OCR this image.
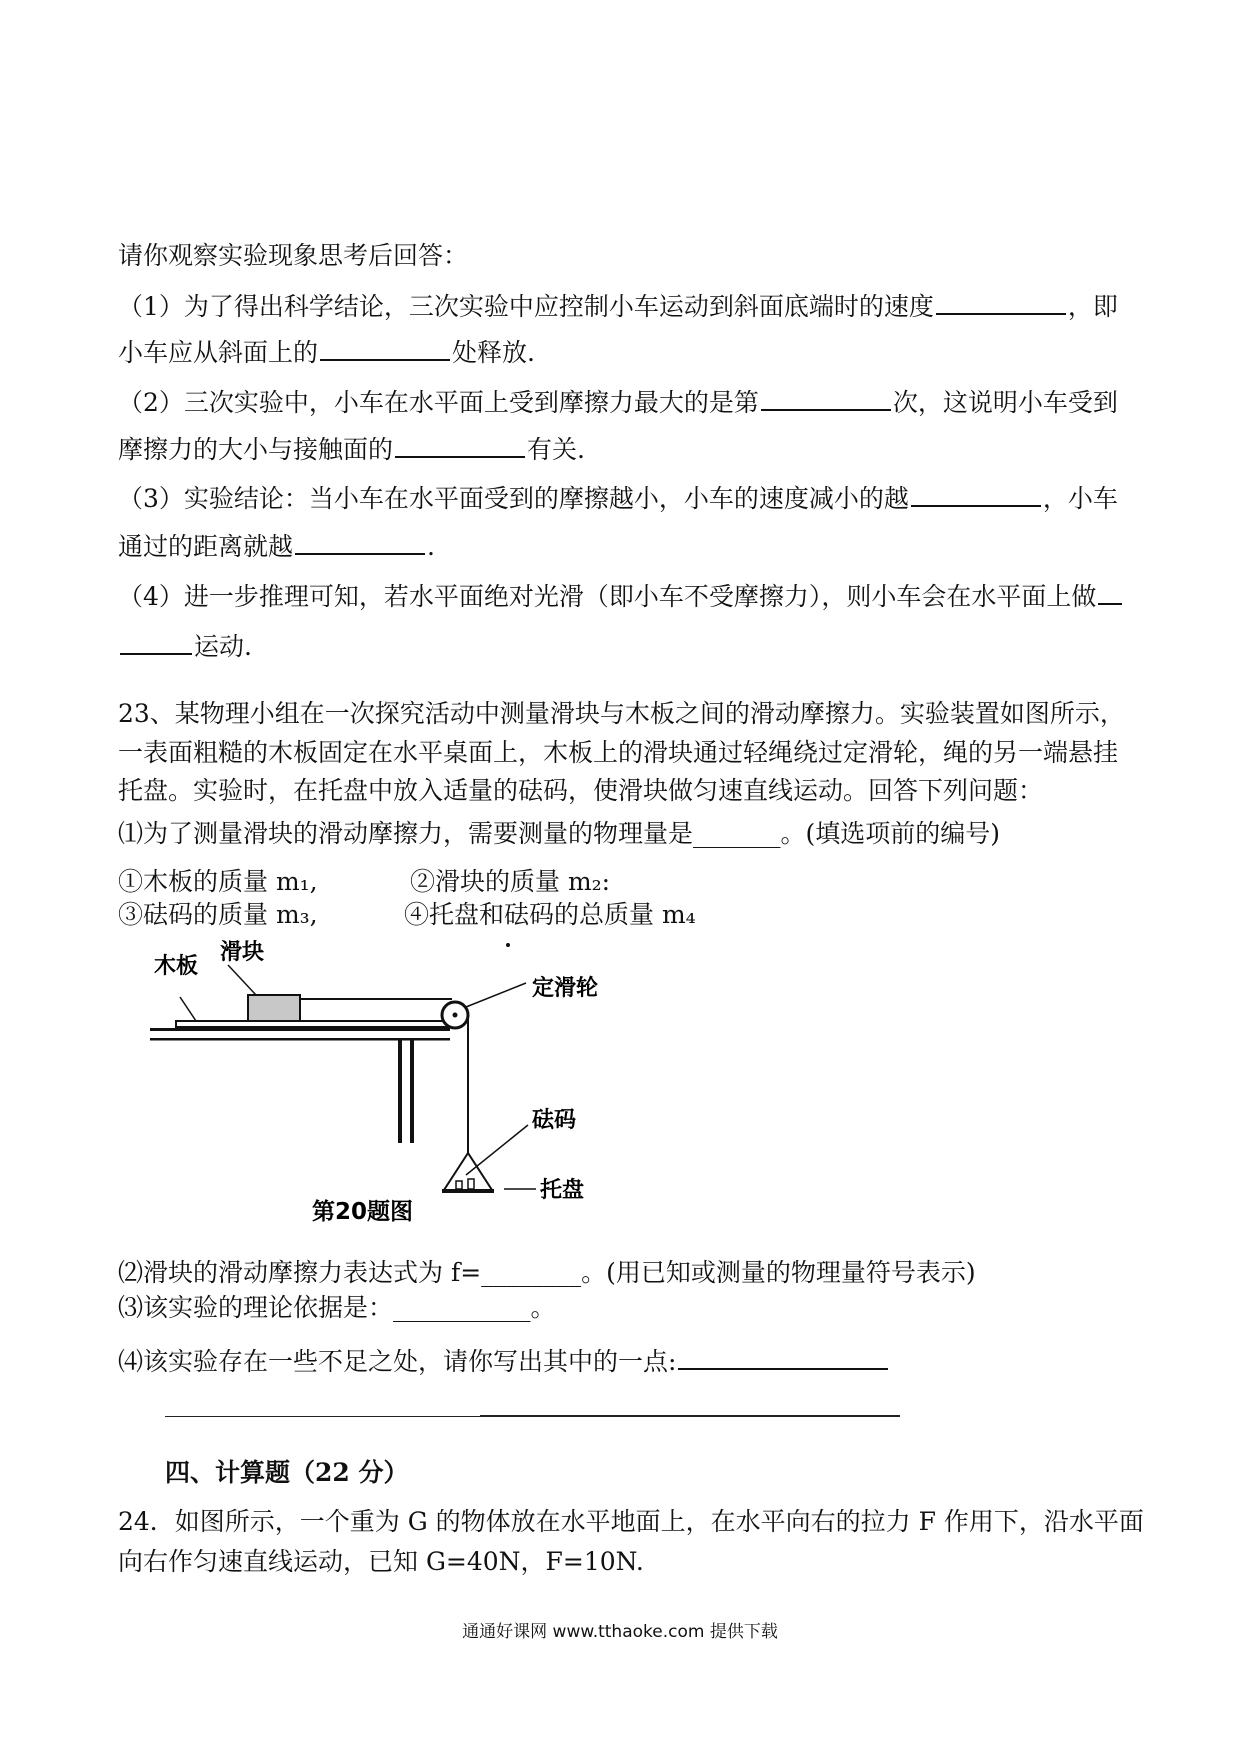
请你观察实验现象思考后回答：
（1）为了得出科学结论，三次实验中应控制小车运动到斜面底端时的速度	，即
小车应从斜面上的	处释放.
（2）三次实验中，小车在水平面上受到摩擦力最大的是第	次，这说明小车受到
摩擦力的大小与接触面的	有关.
（3）实验结论：当小车在水平面受到的摩擦越小，小车的速度减小的越	，小车
通过的距离就越	.
（4）进一步推理可知，若水平面绝对光滑（即小车不受摩擦力），则小车会在水平面上做
运动.
23、某物理小组在一次探究活动中测量滑块与木板之间的滑动摩擦力。实验装置如图所示，
一表面粗糙的木板固定在水平桌面上，木板上的滑块通过轻绳绕过定滑轮，绳的另一端悬挂
托盘。实验时，在托盘中放入适量的砝码，使滑块做匀速直线运动。回答下列问题：
⑴为了测量滑块的滑动摩擦力，需要测量的物理量是_______。(填选项前的编号)
①木板的质量 m₁,	②滑块的质量 m₂:
③砝码的质量 m₃,	④托盘和砝码的总质量 m₄
木板
滑块
定滑轮
砝码
托盘
第20题图
⑵滑块的滑动摩擦力表达式为 f=________。(用已知或测量的物理量符号表示)
⑶该实验的理论依据是：___________。
⑷该实验存在一些不足之处，请你写出其中的一点:
四、计算题（22 分）
24．如图所示，一个重为 G 的物体放在水平地面上，在水平向右的拉力 F 作用下，沿水平面
向右作匀速直线运动，已知 G=40N，F=10N.
通通好课网 www.tthaoke.com 提供下载
